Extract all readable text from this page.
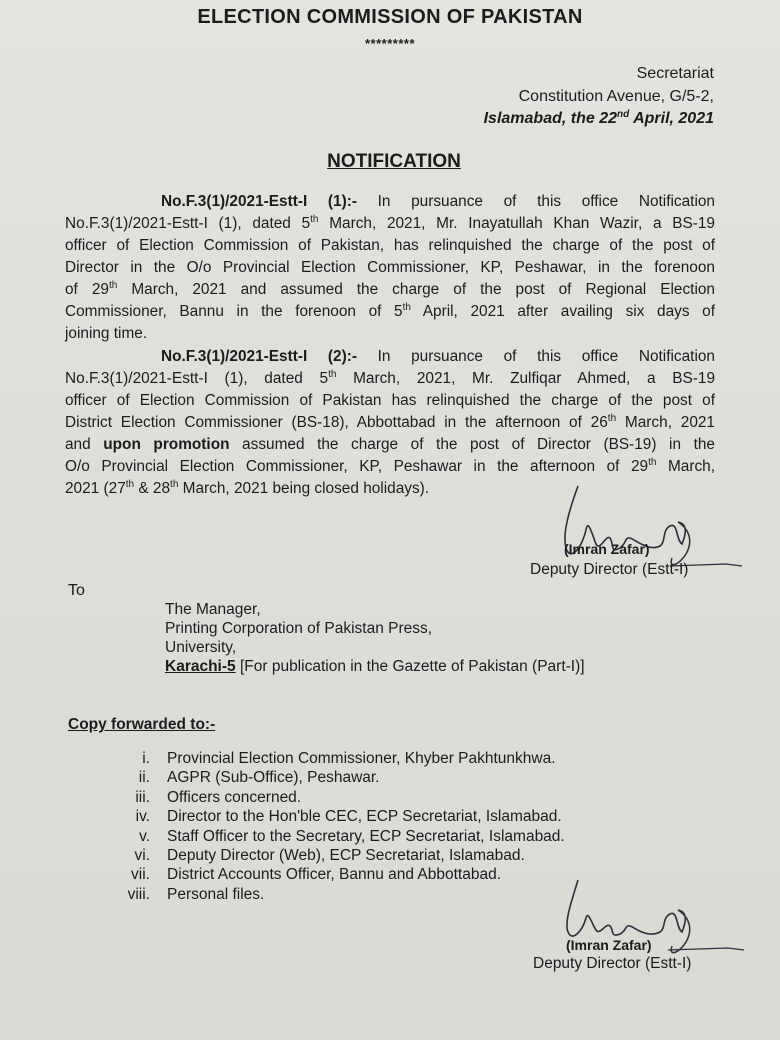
ELECTION COMMISSION OF PAKISTAN
*********
Secretariat
Constitution Avenue, G/5-2,
Islamabad, the 22nd April, 2021
NOTIFICATION
No.F.3(1)/2021-Estt-I (1):- In pursuance of this office Notification
No.F.3(1)/2021-Estt-I (1), dated 5th March, 2021, Mr. Inayatullah Khan Wazir, a BS-19
officer of Election Commission of Pakistan, has relinquished the charge of the post of
Director in the O/o Provincial Election Commissioner, KP, Peshawar, in the forenoon
of 29th March, 2021 and assumed the charge of the post of Regional Election
Commissioner, Bannu in the forenoon of 5th April, 2021 after availing six days of
joining time.
No.F.3(1)/2021-Estt-I (2):- In pursuance of this office Notification
No.F.3(1)/2021-Estt-I (1), dated 5th March, 2021, Mr. Zulfiqar Ahmed, a BS-19
officer of Election Commission of Pakistan has relinquished the charge of the post of
District Election Commissioner (BS-18), Abbottabad in the afternoon of 26th March, 2021
and upon promotion assumed the charge of the post of Director (BS-19) in the
O/o Provincial Election Commissioner, KP, Peshawar in the afternoon of 29th March,
2021 (27th & 28th March, 2021 being closed holidays).
(Imran Zafar)
Deputy Director (Estt-I)
To
The Manager,
Printing Corporation of Pakistan Press,
University,
Karachi-5 [For publication in the Gazette of Pakistan (Part-I)]
Copy forwarded to:-
i. Provincial Election Commissioner, Khyber Pakhtunkhwa.
ii. AGPR (Sub-Office), Peshawar.
iii. Officers concerned.
iv. Director to the Hon'ble CEC, ECP Secretariat, Islamabad.
v. Staff Officer to the Secretary, ECP Secretariat, Islamabad.
vi. Deputy Director (Web), ECP Secretariat, Islamabad.
vii. District Accounts Officer, Bannu and Abbottabad.
viii. Personal files.
(Imran Zafar)
Deputy Director (Estt-I)
